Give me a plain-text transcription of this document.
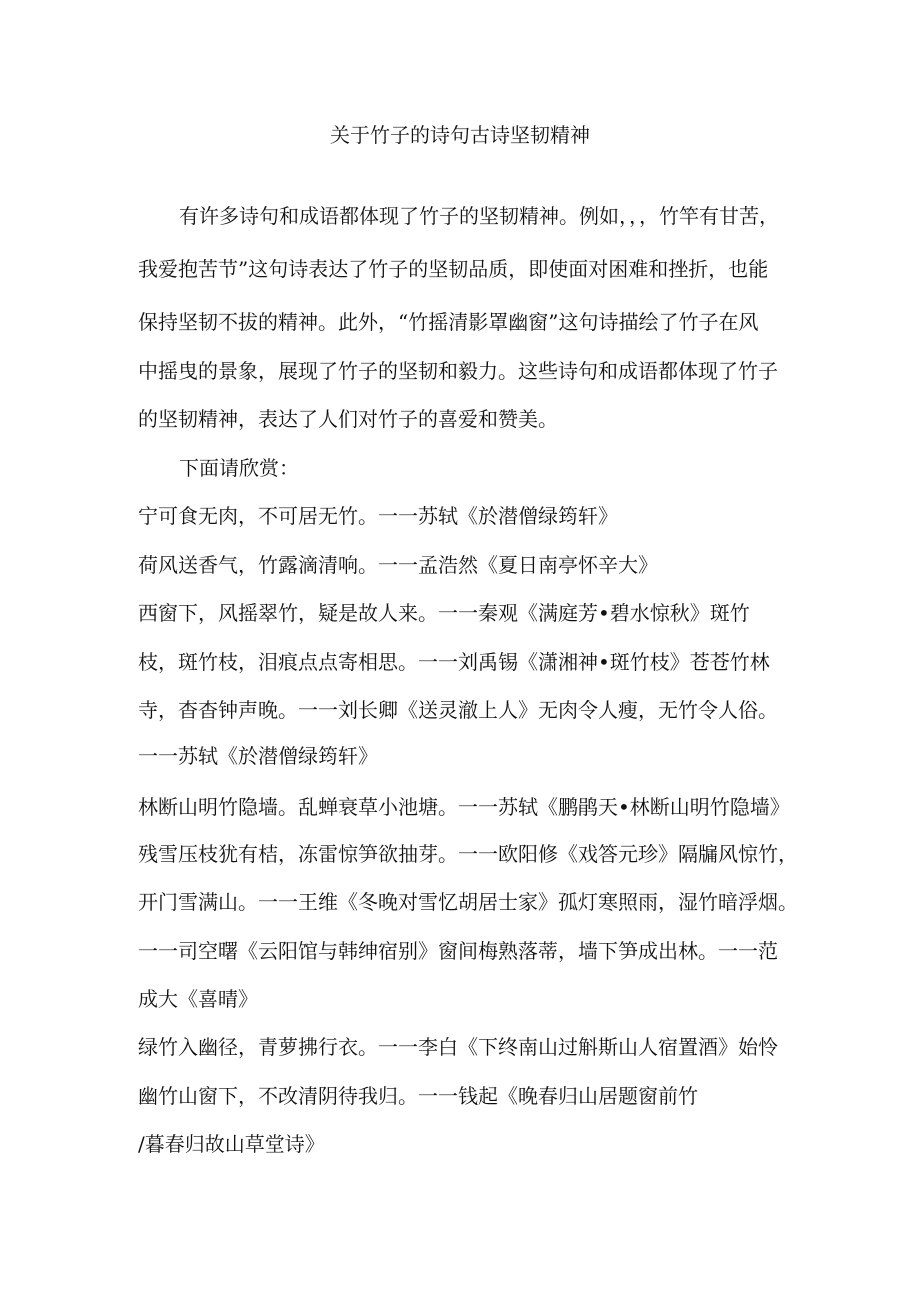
关于竹子的诗句古诗坚韧精神
有许多诗句和成语都体现了竹子的坚韧精神。例如，，，竹竿有甘苦，
我爱抱苦节”这句诗表达了竹子的坚韧品质，即使面对困难和挫折，也能
保持坚韧不拔的精神。此外，“竹摇清影罩幽窗”这句诗描绘了竹子在风
中摇曳的景象，展现了竹子的坚韧和毅力。这些诗句和成语都体现了竹子
的坚韧精神，表达了人们对竹子的喜爱和赞美。
下面请欣赏：
宁可食无肉，不可居无竹。一一苏轼《於潜僧绿筠轩》
荷风送香气，竹露滴清响。一一孟浩然《夏日南亭怀辛大》
西窗下，风摇翠竹，疑是故人来。一一秦观《满庭芳•碧水惊秋》斑竹
枝，斑竹枝，泪痕点点寄相思。一一刘禹锡《潇湘神•斑竹枝》苍苍竹林
寺，杳杳钟声晚。一一刘长卿《送灵澈上人》无肉令人瘦，无竹令人俗。
一一苏轼《於潜僧绿筠轩》
林断山明竹隐墙。乱蝉衰草小池塘。一一苏轼《鹏鹃天•林断山明竹隐墙》
残雪压枝犹有桔，冻雷惊笋欲抽芽。一一欧阳修《戏答元珍》隔牖风惊竹，
开门雪满山。一一王维《冬晚对雪忆胡居士家》孤灯寒照雨，湿竹暗浮烟。
一一司空曙《云阳馆与韩绅宿别》窗间梅熟落蒂，墙下笋成出林。一一范
成大《喜晴》
绿竹入幽径，青萝拂行衣。一一李白《下终南山过斛斯山人宿置酒》始怜
幽竹山窗下，不改清阴待我归。一一钱起《晚春归山居题窗前竹
/暮春归故山草堂诗》
